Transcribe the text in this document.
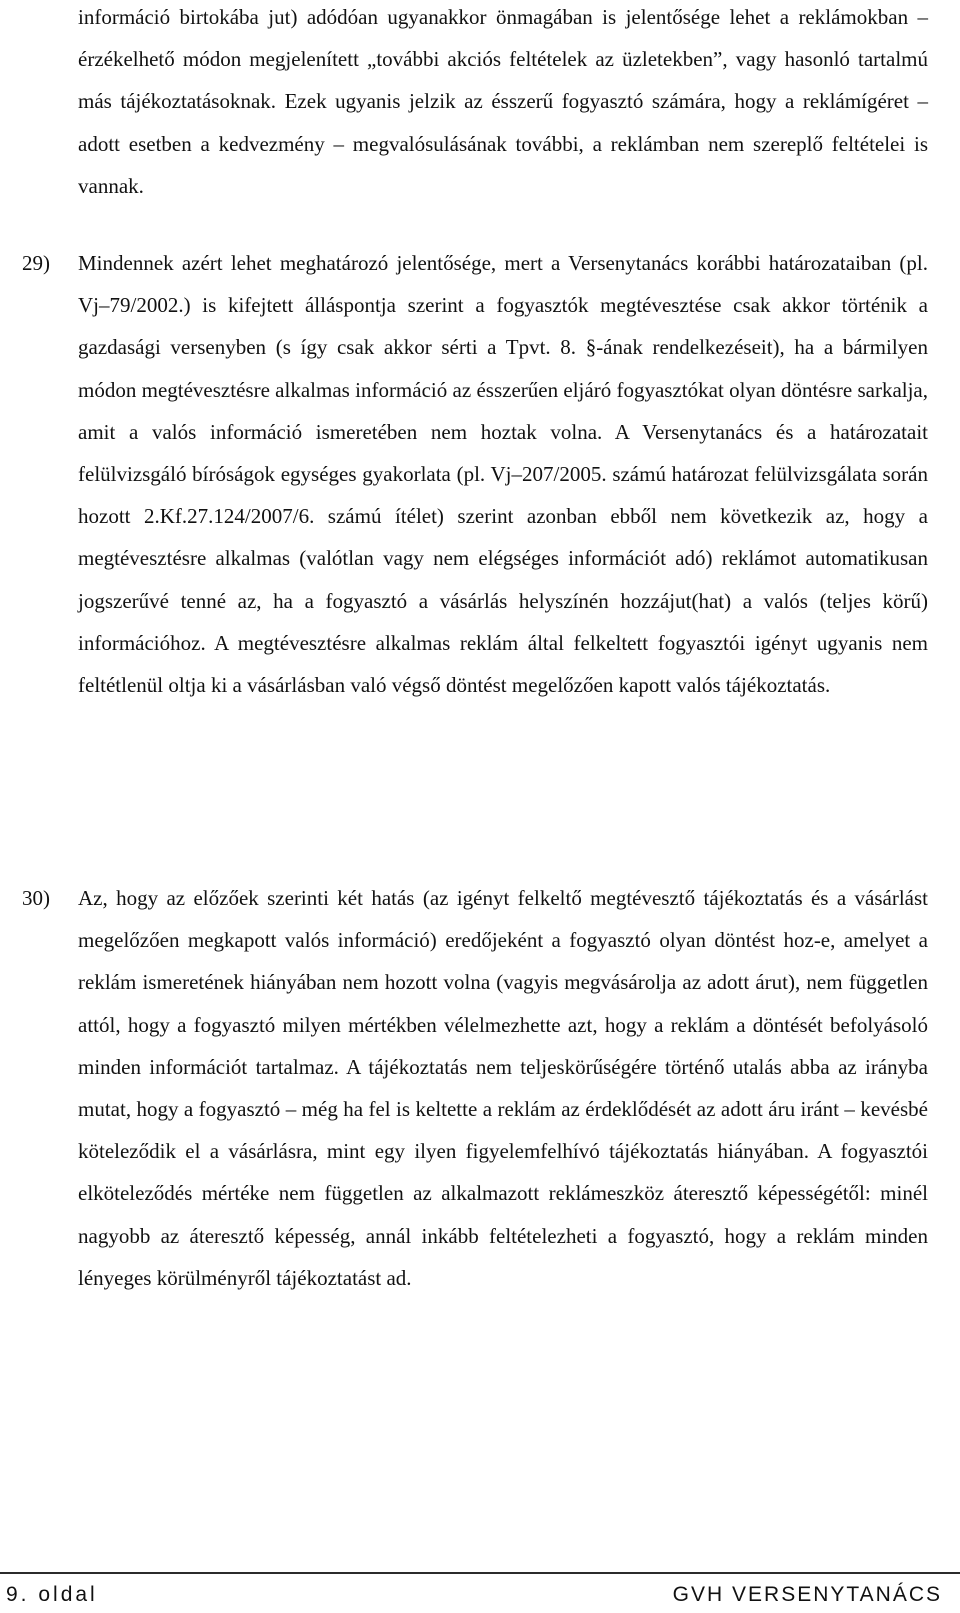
információ birtokába jut) adódóan ugyanakkor önmagában is jelentősége lehet a reklámokban – érzékelhető módon megjelenített „további akciós feltételek az üzletekben”, vagy hasonló tartalmú más tájékoztatásoknak. Ezek ugyanis jelzik az ésszerű fogyasztó számára, hogy a reklámígéret – adott esetben a kedvezmény – megvalósulásának további, a reklámban nem szereplő feltételei is vannak.

29) Mindennek azért lehet meghatározó jelentősége, mert a Versenytanács korábbi határozataiban (pl. Vj–79/2002.) is kifejtett álláspontja szerint a fogyasztók megtévesztése csak akkor történik a gazdasági versenyben (s így csak akkor sérti a Tpvt. 8. §-ának rendelkezéseit), ha a bármilyen módon megtévesztésre alkalmas információ az ésszerűen eljáró fogyasztókat olyan döntésre sarkalja, amit a valós információ ismeretében nem hoztak volna. A Versenytanács és a határozatait felülvizsgáló bíróságok egységes gyakorlata (pl. Vj–207/2005. számú határozat felülvizsgálata során hozott 2.Kf.27.124/2007/6. számú ítélet) szerint azonban ebből nem következik az, hogy a megtévesztésre alkalmas (valótlan vagy nem elégséges információt adó) reklámot automatikusan jogszerűvé tenné az, ha a fogyasztó a vásárlás helyszínén hozzájut(hat) a valós (teljes körű) információhoz. A megtévesztésre alkalmas reklám által felkeltett fogyasztói igényt ugyanis nem feltétlenül oltja ki a vásárlásban való végső döntést megelőzően kapott valós tájékoztatás.

30) Az, hogy az előzőek szerinti két hatás (az igényt felkeltő megtévesztő tájékoztatás és a vásárlást megelőzően megkapott valós információ) eredőjeként a fogyasztó olyan döntést hoz-e, amelyet a reklám ismeretének hiányában nem hozott volna (vagyis megvásárolja az adott árut), nem független attól, hogy a fogyasztó milyen mértékben vélelmezhette azt, hogy a reklám a döntését befolyásoló minden információt tartalmaz. A tájékoztatás nem teljeskörűségére történő utalás abba az irányba mutat, hogy a fogyasztó – még ha fel is keltette a reklám az érdeklődését az adott áru iránt – kevésbé köteleződik el a vásárlásra, mint egy ilyen figyelemfelhívó tájékoztatás hiányában. A fogyasztói elköteleződés mértéke nem független az alkalmazott reklámeszköz áteresztő képességétől: minél nagyobb az áteresztő képesség, annál inkább feltételezheti a fogyasztó, hogy a reklám minden lényeges körülményről tájékoztatást ad.

9. oldal	GVH VERSENYTANÁCS
